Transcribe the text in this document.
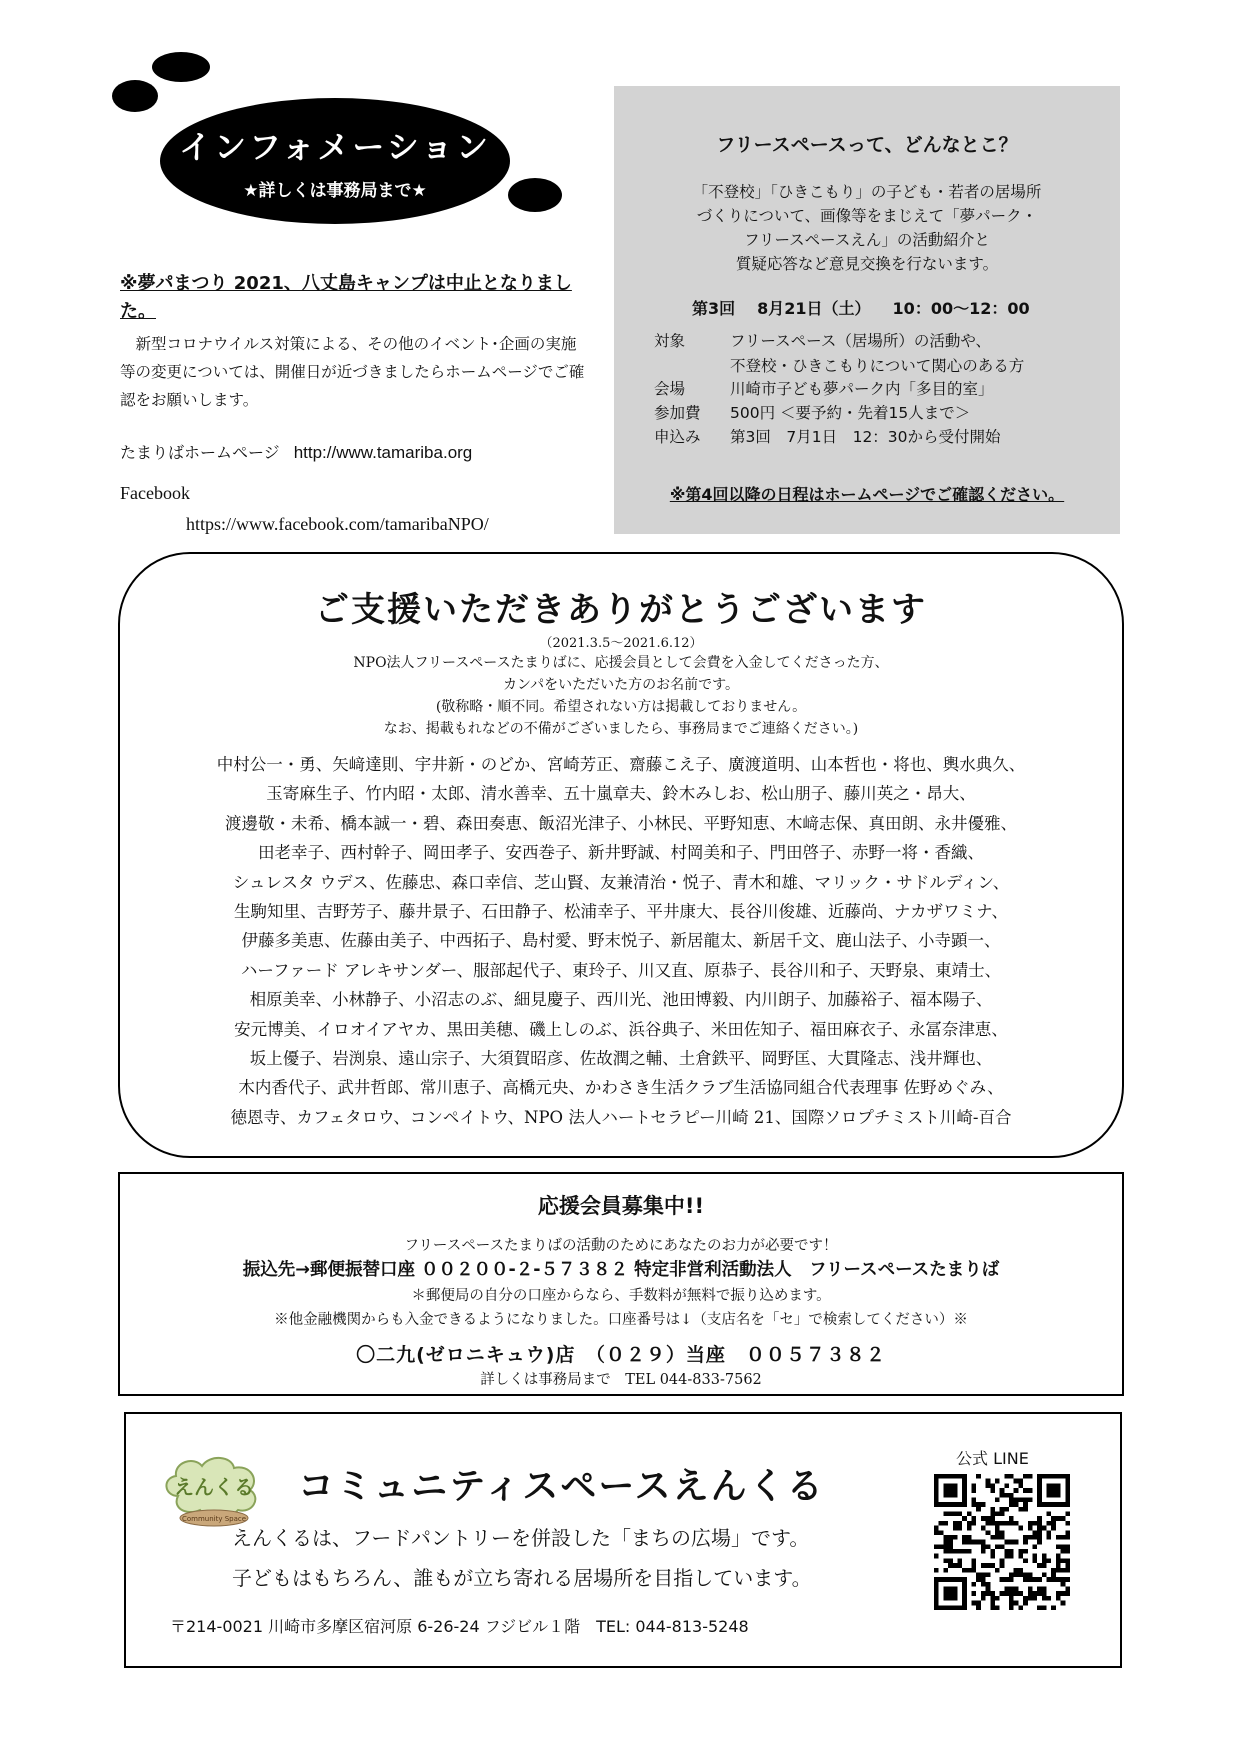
インフォメーション
★詳しくは事務局まで★
※夢パまつり 2021、八丈島キャンプは中止となりました。
新型コロナウイルス対策による、その他のイベント･企画の実施等の変更については、開催日が近づきましたらホームページでご確認をお願いします。
たまりばホームページ http://www.tamariba.org
Facebook
https://www.facebook.com/tamaribaNPO/
フリースペースって、どんなとこ？
「不登校」「ひきこもり」の子ども・若者の居場所
づくりについて、画像等をまじえて「夢パーク・
フリースペースえん」の活動紹介と
質疑応答など意見交換を行ないます。
第3回 8月21日（土） 10：00〜12：00
対象	フリースペース（居場所）の活動や、
不登校・ひきこもりについて関心のある方
会場	川崎市子ども夢パーク内「多目的室」
参加費 500円 ＜要予約・先着15人まで＞
申込み 第3回　7月1日　12：30から受付開始
※第4回以降の日程はホームページでご確認ください。
ご支援いただきありがとうございます
（2021.3.5〜2021.6.12）
NPO法人フリースペースたまりばに、応援会員として会費を入金してくださった方、
カンパをいただいた方のお名前です。
(敬称略・順不同。希望されない方は掲載しておりません。
なお、掲載もれなどの不備がございましたら、事務局までご連絡ください。)
中村公一・勇、矢﨑達則、宇井新・のどか、宮崎芳正、齋藤こえ子、廣渡道明、山本哲也・将也、輿水典久、
玉寄麻生子、竹内昭・太郎、清水善幸、五十嵐章夫、鈴木みしお、松山朋子、藤川英之・昂大、
渡邊敬・未希、橋本誠一・碧、森田奏恵、飯沼光津子、小林民、平野知恵、木﨑志保、真田朗、永井優雅、
田老幸子、西村幹子、岡田孝子、安西巻子、新井野誠、村岡美和子、門田啓子、赤野一将・香織、
シュレスタ ウデス、佐藤忠、森口幸信、芝山賢、友兼清治・悦子、青木和雄、マリック・サドルディン、
生駒知里、吉野芳子、藤井景子、石田静子、松浦幸子、平井康大、長谷川俊雄、近藤尚、ナカザワミナ、
伊藤多美恵、佐藤由美子、中西拓子、島村愛、野末悦子、新居龍太、新居千文、鹿山法子、小寺顕一、
ハーファード アレキサンダー、服部起代子、東玲子、川又直、原恭子、長谷川和子、天野泉、東靖士、
相原美幸、小林静子、小沼志のぶ、細見慶子、西川光、池田博毅、内川朗子、加藤裕子、福本陽子、
安元博美、イロオイアヤカ、黒田美穂、磯上しのぶ、浜谷典子、米田佐知子、福田麻衣子、永冨奈津恵、
坂上優子、岩渕泉、遠山宗子、大須賀昭彦、佐故潤之輔、土倉鉄平、岡野匡、大貫隆志、浅井輝也、
木内香代子、武井哲郎、常川恵子、高橋元央、かわさき生活クラブ生活協同組合代表理事 佐野めぐみ、
徳恩寺、カフェタロウ、コンペイトウ、NPO 法人ハートセラピー川崎 21、国際ソロプチミスト川崎-百合
応援会員募集中!!
フリースペースたまりばの活動のためにあなたのお力が必要です！
振込先→郵便振替口座 ００２００-２-５７３８２ 特定非営利活動法人　フリースペースたまりば
＊郵便局の自分の口座からなら、手数料が無料で振り込めます。
※他金融機関からも入金できるようになりました。口座番号は↓（支店名を「セ」で検索してください）※
〇二九(ゼロニキュウ)店　（０２９）当座　００５７３８２
詳しくは事務局まで　TEL 044-833-7562
えんくる
Community Space
コミュニティスペースえんくる
えんくるは、フードパントリーを併設した「まちの広場」です。
子どもはもちろん、誰もが立ち寄れる居場所を目指しています。
〒214-0021 川崎市多摩区宿河原 6-26-24 フジビル１階　TEL: 044-813-5248
公式 LINE
